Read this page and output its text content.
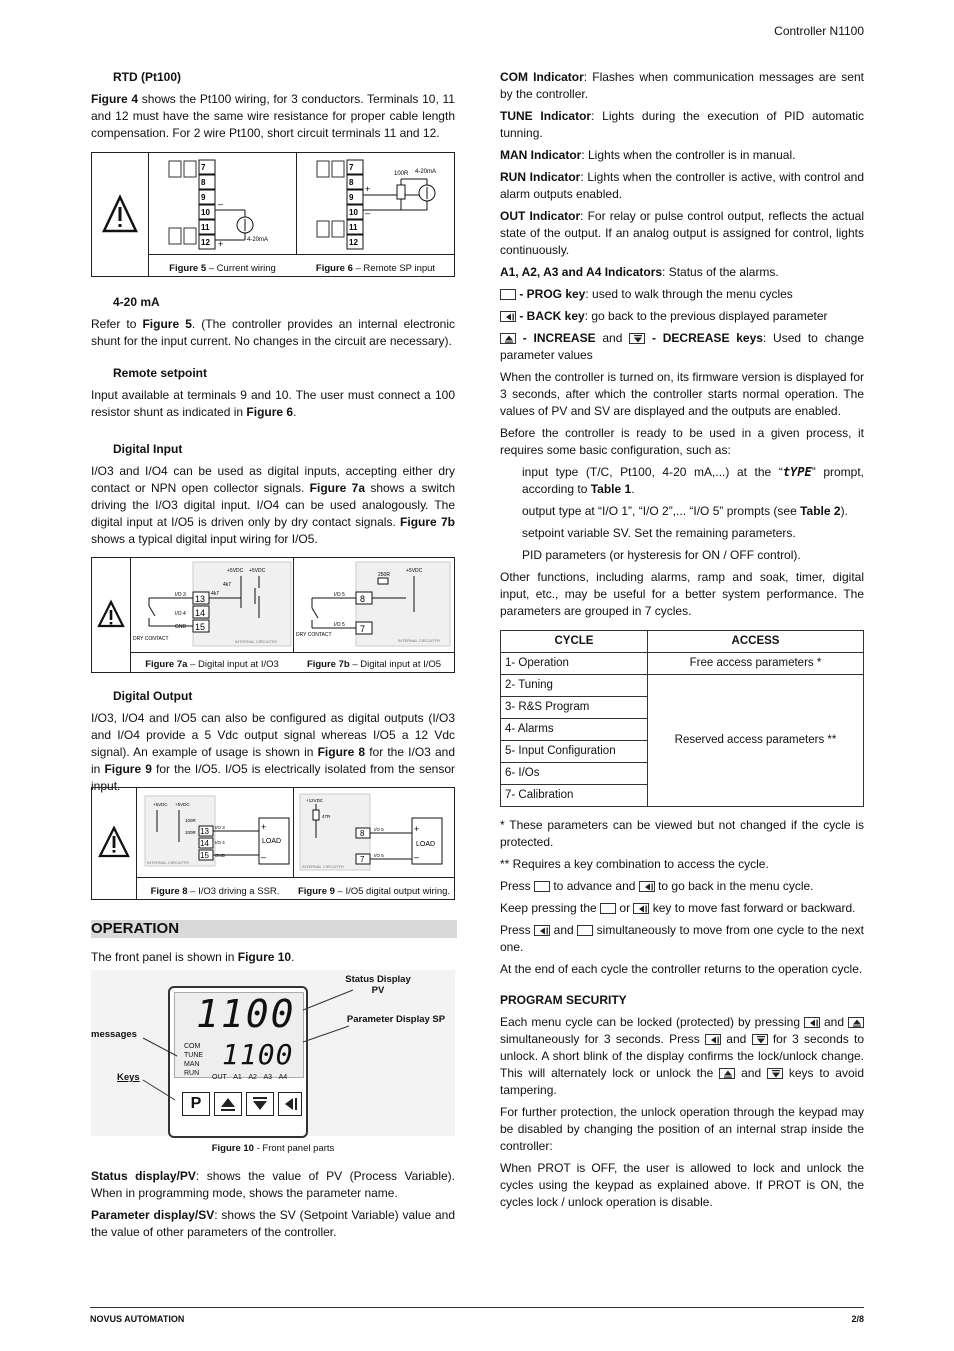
Controller N1100
NOVUS AUTOMATION	2/8

RTD (Pt100)

Figure 4 shows the Pt100 wiring, for 3 conductors. Terminals 10, 11 and 12 must have the same wire resistance for proper cable length compensation. For 2 wire Pt100, short circuit terminals 11 and 12.

7
8
9
10
11
12
–
+	4-20mA
7
8
9
10
11
12
+
–
100R 4-20mA
Figure 5 – Current wiring	Figure 6 – Remote SP input

4-20 mA

Refer to Figure 5. (The controller provides an internal electronic shunt for the input current. No changes in the circuit are necessary).

Remote setpoint

Input available at terminals 9 and 10. The user must connect a 100 resistor shunt as indicated in Figure 6.

Digital Input

I/O3 and I/O4 can be used as digital inputs, accepting either dry contact or NPN open collector signals. Figure 7a shows a switch driving the I/O3 digital input. I/O4 can be used analogously. The digital input at I/O5 is driven only by dry contact signals. Figure 7b shows a typical digital input wiring for I/O5.

13
14
15
I/O 3
I/O 4
GND
+5VDC +5VDC
4k7
4k7
DRY CONTACT	INTERNAL CIRCUITRY
8
7
I/O 5
I/O 5
+5VDC
250R
DRY CONTACT
INTERNAL CIRCUITRY
Figure 7a – Digital input at I/O3	Figure 7b – Digital input at I/O5

Digital Output

I/O3, I/O4 and I/O5 can also be configured as digital outputs (I/O3 and I/O4 provide a 5 Vdc output signal whereas I/O5 a 12 Vdc signal). An example of usage is shown in Figure 8 for the I/O3 and in Figure 9 for the I/O5. I/O5 is electrically isolated from the sensor input.

13
14
15
LOAD
+
–
+5VDC +5VDC
100R
100R
I/O 3
I/O 4
GND
INTERNAL CIRCUITRY
8
7
LOAD
+
–
+12VDC
47R
I/O 5
I/O 5
INTERNAL CIRCUITRY
Figure 8 – I/O3 driving a SSR.	Figure 9 – I/O5 digital output wiring.
OPERATION

The front panel is shown in Figure 10.

1100
1100
COM
TUNE
MAN
RUN
OUT A1 A2 A3 A4
P
Status Display PV
Parameter Display SP
messages
Keys
Figure 10 - Front panel parts

Status display/PV: shows the value of PV (Process Variable). When in programming mode, shows the parameter name.

Parameter display/SV: shows the SV (Setpoint Variable) value and the value of other parameters of the controller.

COM Indicator: Flashes when communication messages are sent by the controller.

TUNE Indicator: Lights during the execution of PID automatic tunning.

MAN Indicator: Lights when the controller is in manual.

RUN Indicator: Lights when the controller is active, with control and alarm outputs enabled.

OUT Indicator: For relay or pulse control output, reflects the actual state of the output. If an analog output is assigned for control, lights continuously.

A1, A2, A3 and A4 Indicators: Status of the alarms.

- PROG key: used to walk through the menu cycles

- BACK key: go back to the previous displayed parameter

- INCREASE and
- DECREASE keys: Used to change parameter values

When the controller is turned on, its firmware version is displayed for 3 seconds, after which the controller starts normal operation. The values of PV and SV are displayed and the outputs are enabled.

Before the controller is ready to be used in a given process, it requires some basic configuration, such as:

input type (T/C, Pt100, 4-20 mA,...) at the “tYPE” prompt, according to Table 1.

output type at “I/O 1”, “I/O 2”,... “I/O 5” prompts (see Table 2).

setpoint variable SV. Set the remaining parameters.

PID parameters (or hysteresis for ON / OFF control).

Other functions, including alarms, ramp and soak, timer, digital input, etc., may be useful for a better system performance. The parameters are grouped in 7 cycles.

CYCLE	ACCESS
1- Operation	Free access parameters *
2- Tuning	Reserved access parameters **
3- R&S Program	
4- Alarms	
5- Input Configuration	
6- I/Os	
7- Calibration	

* These parameters can be viewed but not changed if the cycle is protected.

** Requires a key combination to access the cycle.

Press  to advance and
to go back in the menu cycle.

Keep pressing the  or
key to move fast forward or backward.

Press
and  simultaneously to move from one cycle to the next one.

At the end of each cycle the controller returns to the operation cycle.

PROGRAM SECURITY

Each menu cycle can be locked (protected) by pressing
and
simultaneously for 3 seconds. Press
and
for 3 seconds to unlock. A short blink of the display confirms the lock/unlock change. This will alternately lock or unlock the
and
keys to avoid tampering.

For further protection, the unlock operation through the keypad may be disabled by changing the position of an internal strap inside the controller:

When PROT is OFF, the user is allowed to lock and unlock the cycles using the keypad as explained above. If PROT is ON, the cycles lock / unlock operation is disable.
